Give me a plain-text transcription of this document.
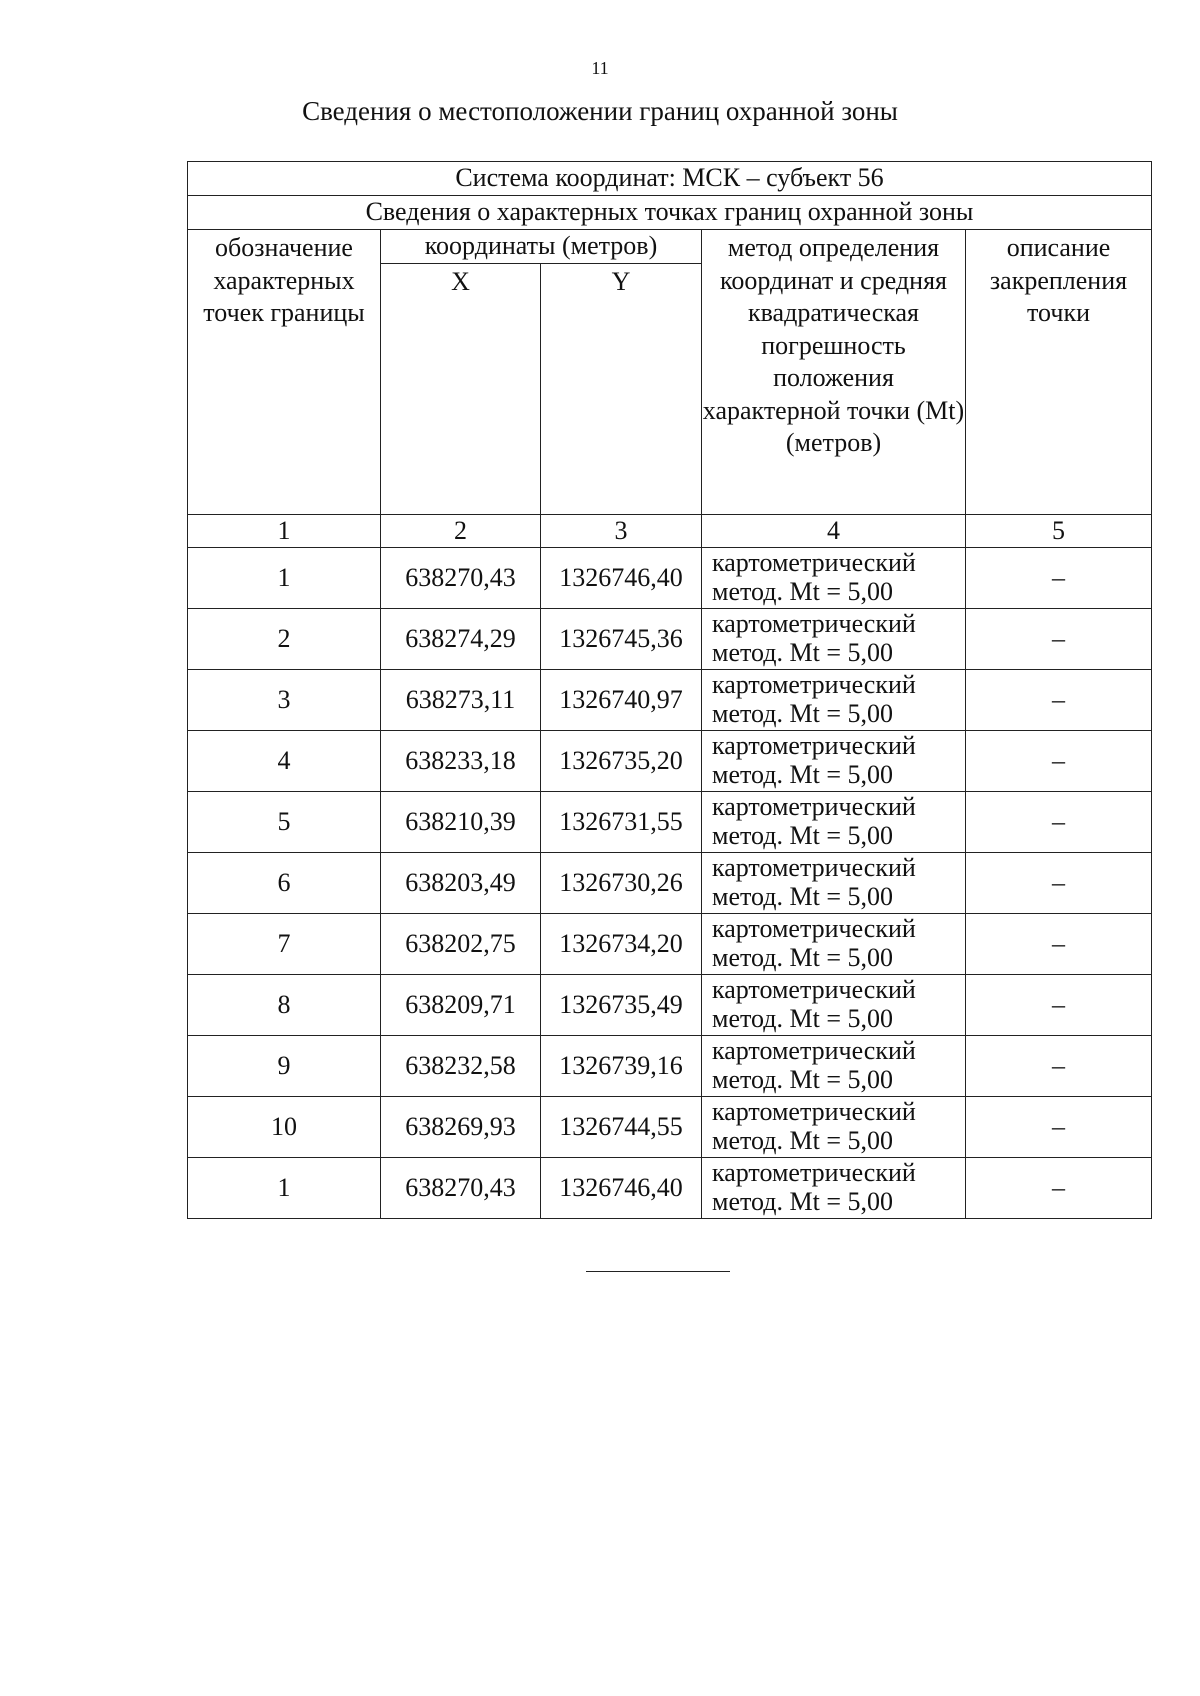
11
Сведения о местоположении границ охранной зоны
Система координат: МСК – субъект 56				
Сведения о характерных точках границ охранной зоны				
обозначение характерных точек границы	координаты (метров)		метод определения координат и средняя квадратическая погрешность положения характерной точки (Mt) (метров)	описание закрепления точки
	X	Y		
1	2	3	4	5
1	638270,43	1326746,40	картометрический метод. Mt = 5,00	–
2	638274,29	1326745,36	картометрический метод. Mt = 5,00	–
3	638273,11	1326740,97	картометрический метод. Mt = 5,00	–
4	638233,18	1326735,20	картометрический метод. Mt = 5,00	–
5	638210,39	1326731,55	картометрический метод. Mt = 5,00	–
6	638203,49	1326730,26	картометрический метод. Mt = 5,00	–
7	638202,75	1326734,20	картометрический метод. Mt = 5,00	–
8	638209,71	1326735,49	картометрический метод. Mt = 5,00	–
9	638232,58	1326739,16	картометрический метод. Mt = 5,00	–
10	638269,93	1326744,55	картометрический метод. Mt = 5,00	–
1	638270,43	1326746,40	картометрический метод. Mt = 5,00	–
